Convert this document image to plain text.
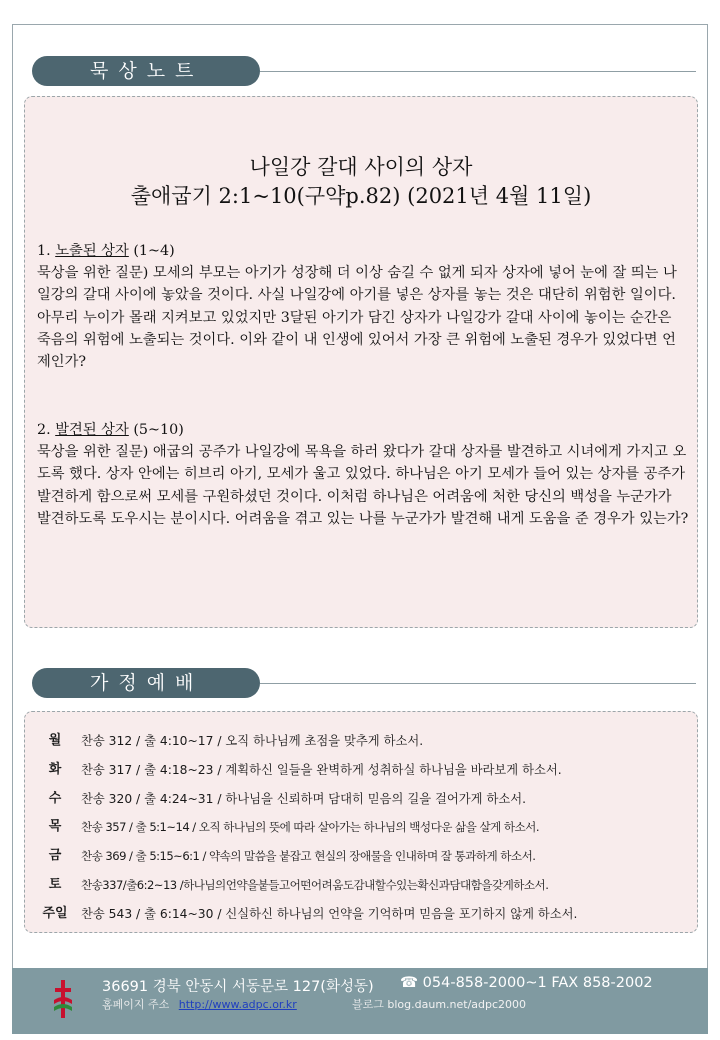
묵상노트
나일강 갈대 사이의 상자
출애굽기 2:1~10(구약p.82) (2021년 4월 11일)
1. 노출된 상자 (1~4)
묵상을 위한 질문) 모세의 부모는 아기가 성장해 더 이상 숨길 수 없게 되자 상자에 넣어 눈에 잘 띄는 나일강의 갈대 사이에 놓았을 것이다. 사실 나일강에 아기를 넣은 상자를 놓는 것은 대단히 위험한 일이다. 아무리 누이가 몰래 지켜보고 있었지만 3달된 아기가 담긴 상자가 나일강가 갈대 사이에 놓이는 순간은 죽음의 위험에 노출되는 것이다. 이와 같이 내 인생에 있어서 가장 큰 위험에 노출된 경우가 있었다면 언제인가?
2. 발견된 상자 (5~10)
묵상을 위한 질문) 애굽의 공주가 나일강에 목욕을 하러 왔다가 갈대 상자를 발견하고 시녀에게 가지고 오도록 했다. 상자 안에는 히브리 아기, 모세가 울고 있었다. 하나님은 아기 모세가 들어 있는 상자를 공주가 발견하게 함으로써 모세를 구원하셨던 것이다. 이처럼 하나님은 어려움에 처한 당신의 백성을 누군가가 발견하도록 도우시는 분이시다. 어려움을 겪고 있는 나를 누군가가 발견해 내게 도움을 준 경우가 있는가?
가정예배
월	찬송 312 / 출 4:10~17 / 오직 하나님께 초점을 맞추게 하소서.
화	찬송 317 / 출 4:18~23 / 계획하신 일들을 완벽하게 성취하실 하나님을 바라보게 하소서.
수	찬송 320 / 출 4:24~31 / 하나님을 신뢰하며 담대히 믿음의 길을 걸어가게 하소서.
목	찬송 357 / 출 5:1~14 / 오직 하나님의 뜻에 따라 살아가는 하나님의 백성다운 삶을 살게 하소서.
금	찬송 369 / 출 5:15~6:1 / 약속의 말씀을 붙잡고 현실의 장애물을 인내하며 잘 통과하게 하소서.
토	찬송337/출6:2~13 /하나님의언약을붙들고어떤어려움도감내할수있는확신과담대함을갖게하소서.
주일	찬송 543 / 출 6:14~30 / 신실하신 하나님의 언약을 기억하며 믿음을 포기하지 않게 하소서.
36691 경북 안동시 서동문로 127(화성동) ☎ 054-858-2000~1 FAX 858-2002
홈페이지 주소 http://www.adpc.or.kr	블로그 blog.daum.net/adpc2000
